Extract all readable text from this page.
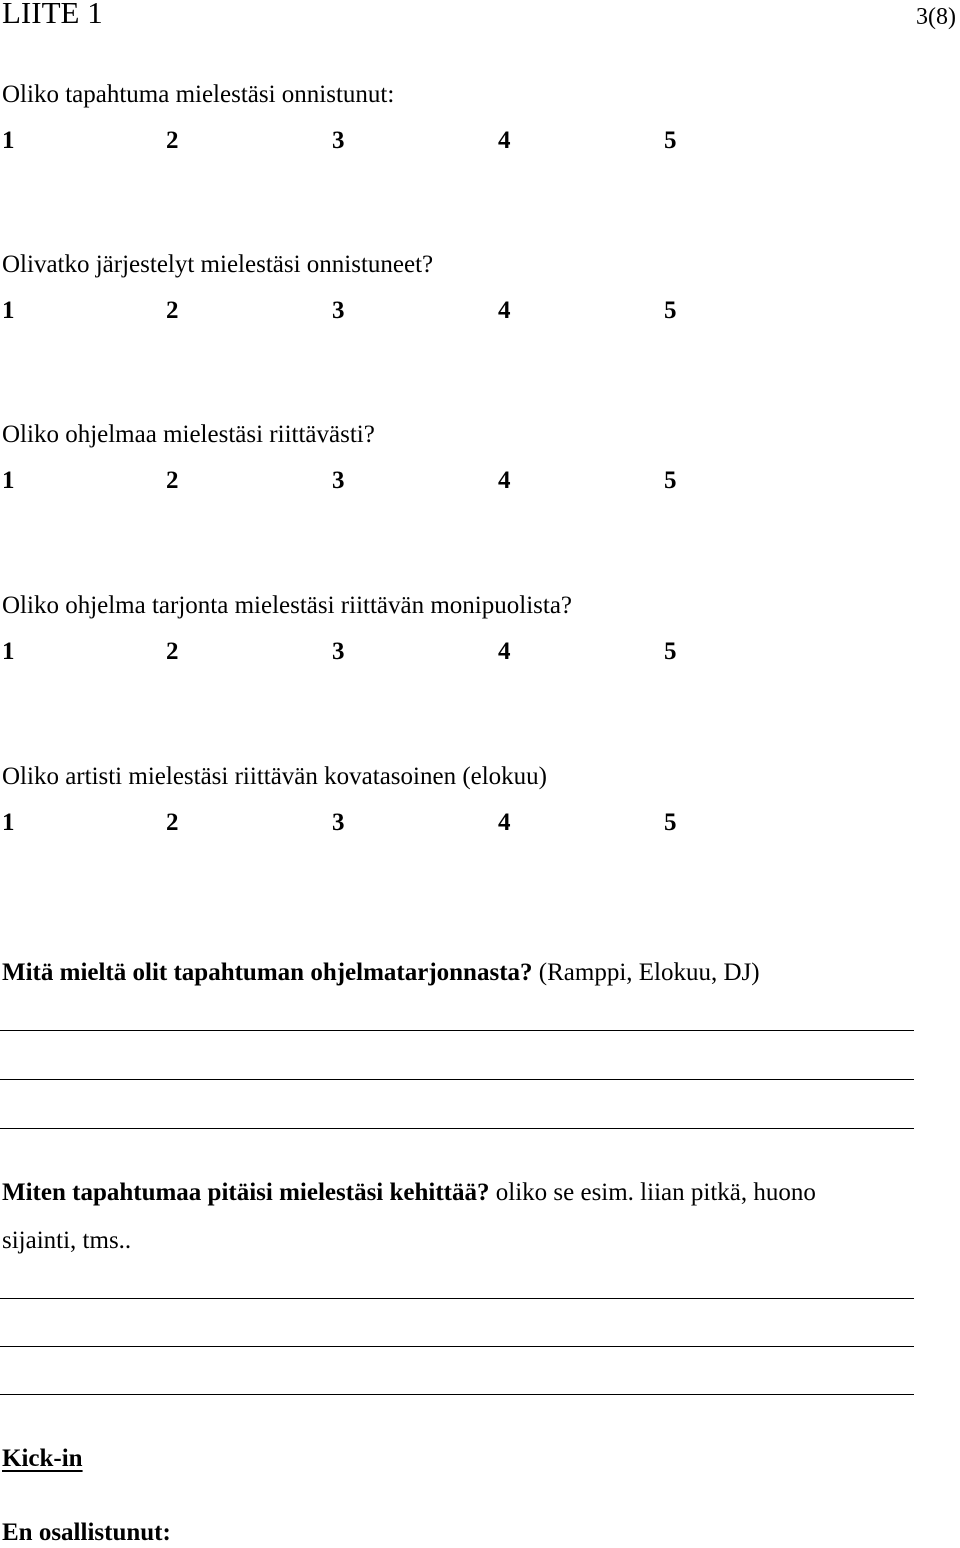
LIITE 1	3(8)
Oliko tapahtuma mielestäsi onnistunut:
1	2	3	4	5
Olivatko järjestelyt mielestäsi onnistuneet?
1	2	3	4	5
Oliko ohjelmaa mielestäsi riittävästi?
1	2	3	4	5
Oliko ohjelma tarjonta mielestäsi riittävän monipuolista?
1	2	3	4	5
Oliko artisti mielestäsi riittävän kovatasoinen (elokuu)
1	2	3	4	5
Mitä mieltä olit tapahtuman ohjelmatarjonnasta? (Ramppi, Elokuu, DJ)
Miten tapahtumaa pitäisi mielestäsi kehittää? oliko se esim. liian pitkä, huono
sijainti, tms..
Kick-in
En osallistunut:
